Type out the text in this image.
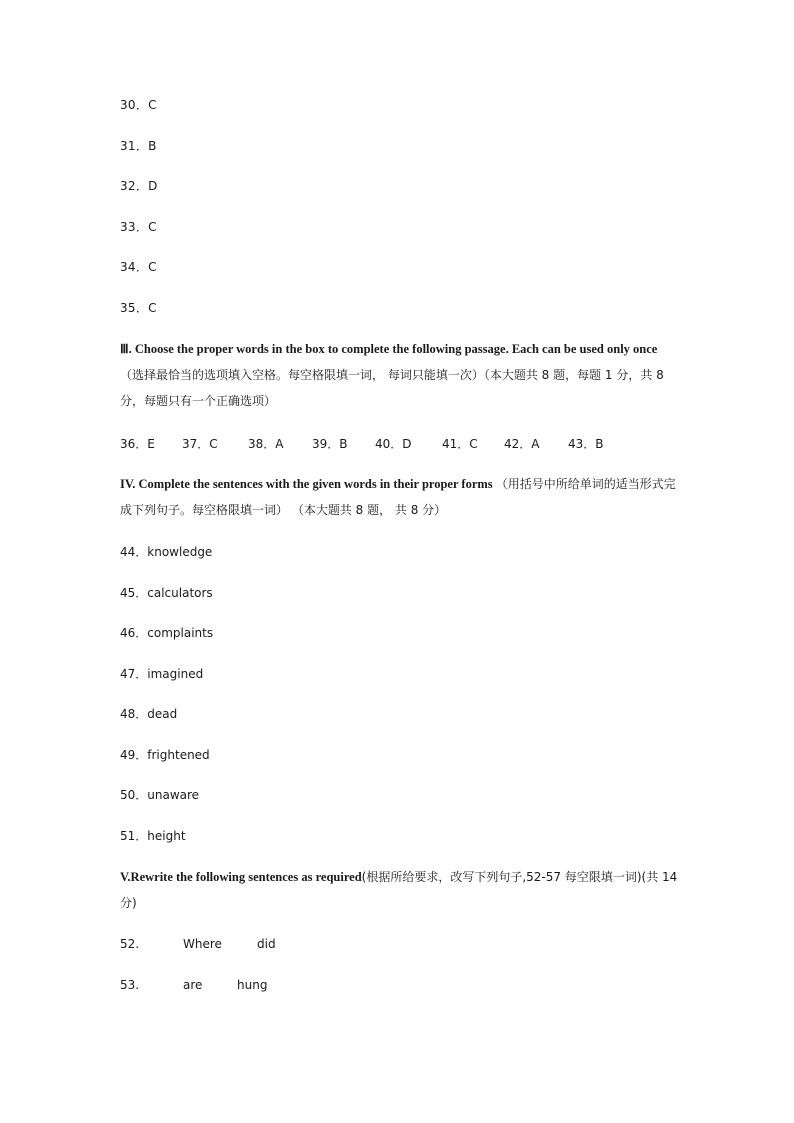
30．C
31．B
32．D
33．C
34．C
35．C
Ⅲ. Choose the proper words in the box to complete the following passage. Each can be used only once （选择最恰当的选项填入空格。每空格限填一词， 每词只能填一次）（本大题共 8 题，每题 1 分，共 8 分，每题只有一个正确选项）
36．E 37．C	38．A 39．B 40．D	41．C 42．A 43．B
IV. Complete the sentences with the given words in their proper forms （用括号中所给单词的适当形式完成下列句子。每空格限填一词） （本大题共 8 题， 共 8 分）
44．knowledge
45．calculators
46．complaints
47．imagined
48．dead
49．frightened
50．unaware
51．height
V.Rewrite the following sentences as required(根据所给要求，改写下列句子,52-57 每空限填一词)(共 14 分)
52.	Where	did
53.	are	hung
